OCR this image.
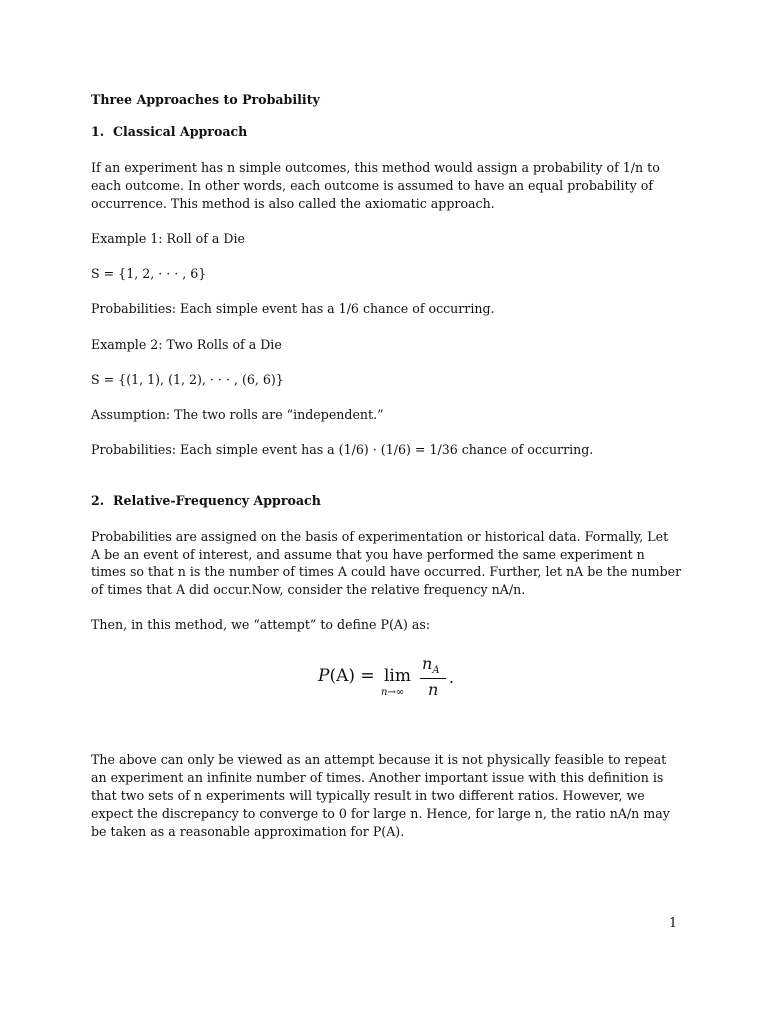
Three Approaches to Probability
1. Classical Approach
If an experiment has n simple outcomes, this method would assign a probability of 1/n to
each outcome. In other words, each outcome is assumed to have an equal probability of
occurrence. This method is also called the axiomatic approach.
Example 1: Roll of a Die
S = {1, 2, · · · , 6}
Probabilities: Each simple event has a 1/6 chance of occurring.
Example 2: Two Rolls of a Die
S = {(1, 1), (1, 2), · · · , (6, 6)}
Assumption: The two rolls are “independent.”
Probabilities: Each simple event has a (1/6) · (1/6) = 1/36 chance of occurring.
2. Relative-Frequency Approach
Probabilities are assigned on the basis of experimentation or historical data. Formally, Let
A be an event of interest, and assume that you have performed the same experiment n
times so that n is the number of times A could have occurred. Further, let nA be the number
of times that A did occur.Now, consider the relative frequency nA/n.
Then, in this method, we “attempt” to define P(A) as:
P(A) = lim
n→∞
$n_A$
n
.
The above can only be viewed as an attempt because it is not physically feasible to repeat
an experiment an infinite number of times. Another important issue with this definition is
that two sets of n experiments will typically result in two different ratios. However, we
expect the discrepancy to converge to 0 for large n. Hence, for large n, the ratio nA/n may
be taken as a reasonable approximation for P(A).
1
